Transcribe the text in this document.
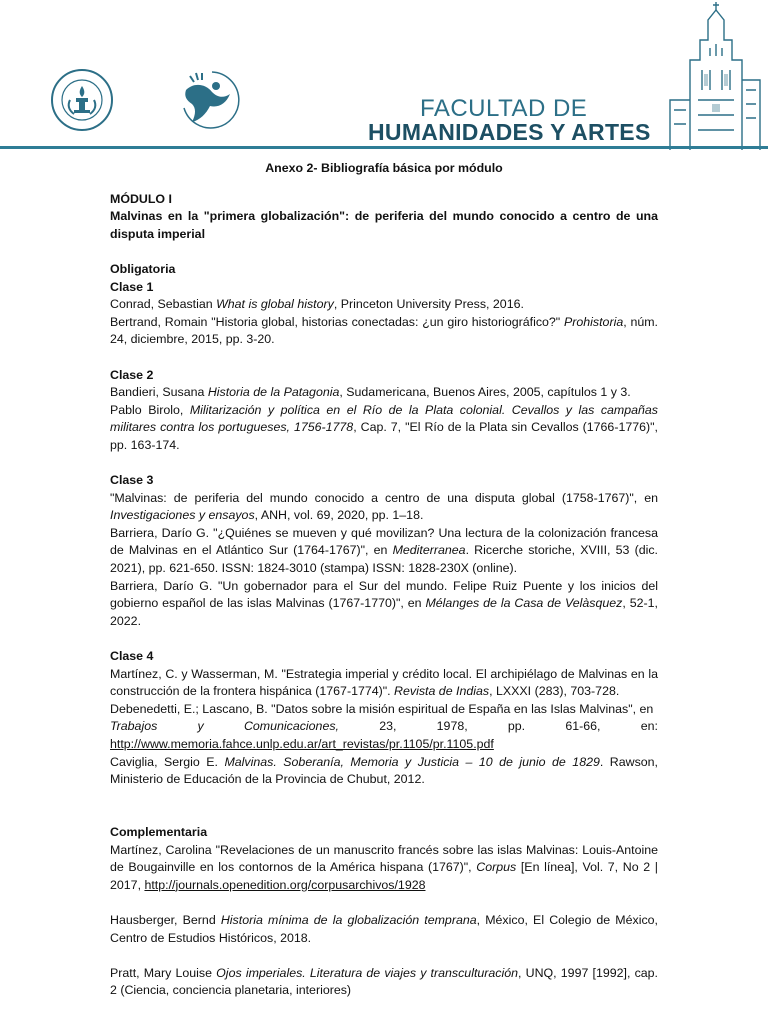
FACULTAD DE
HUMANIDADES Y ARTES

Anexo 2- Bibliografía básica por módulo

MÓDULO I

Malvinas en la "primera globalización": de periferia del mundo conocido a centro de una disputa imperial

Obligatoria

Clase 1

Conrad, Sebastian What is global history, Princeton University Press, 2016.

Bertrand, Romain "Historia global, historias conectadas: ¿un giro historiográfico?" Prohistoria, núm. 24, diciembre, 2015, pp. 3-20.

Clase 2

Bandieri, Susana Historia de la Patagonia, Sudamericana, Buenos Aires, 2005, capítulos 1 y 3.

Pablo Birolo, Militarización y política en el Río de la Plata colonial. Cevallos y las campañas militares contra los portugueses, 1756-1778, Cap. 7, "El Río de la Plata sin Cevallos (1766-1776)", pp. 163-174.

Clase 3

"Malvinas: de periferia del mundo conocido a centro de una disputa global (1758-1767)", en Investigaciones y ensayos, ANH, vol. 69, 2020, pp. 1–18.

Barriera, Darío G. "¿Quiénes se mueven y qué movilizan? Una lectura de la colonización francesa de Malvinas en el Atlántico Sur (1764-1767)", en Mediterranea. Ricerche storiche, XVIII, 53 (dic. 2021), pp. 621-650. ISSN: 1824-3010 (stampa) ISSN: 1828-230X (online).

Barriera, Darío G. "Un gobernador para el Sur del mundo. Felipe Ruiz Puente y los inicios del gobierno español de las islas Malvinas (1767-1770)", en Mélanges de la Casa de Velàsquez, 52-1, 2022.

Clase 4

Martínez, C. y Wasserman, M. "Estrategia imperial y crédito local. El archipiélago de Malvinas en la construcción de la frontera hispánica (1767-1774)". Revista de Indias, LXXXI (283), 703-728.

Debenedetti, E.; Lascano, B. "Datos sobre la misión espiritual de España en las Islas Malvinas", en

Trabajos	y	Comunicaciones,	23,	1978,	pp.	61-66,	en:

http://www.memoria.fahce.unlp.edu.ar/art_revistas/pr.1105/pr.1105.pdf

Caviglia, Sergio E. Malvinas. Soberanía, Memoria y Justicia – 10 de junio de 1829. Rawson, Ministerio de Educación de la Provincia de Chubut, 2012.

Complementaria

Martínez, Carolina "Revelaciones de un manuscrito francés sobre las islas Malvinas: Louis-Antoine de Bougainville en los contornos de la América hispana (1767)", Corpus [En línea], Vol. 7, No 2 | 2017, http://journals.openedition.org/corpusarchivos/1928

Hausberger, Bernd Historia mínima de la globalización temprana, México, El Colegio de México, Centro de Estudios Históricos, 2018.

Pratt, Mary Louise Ojos imperiales. Literatura de viajes y transculturación, UNQ, 1997 [1992], cap. 2 (Ciencia, conciencia planetaria, interiores)
